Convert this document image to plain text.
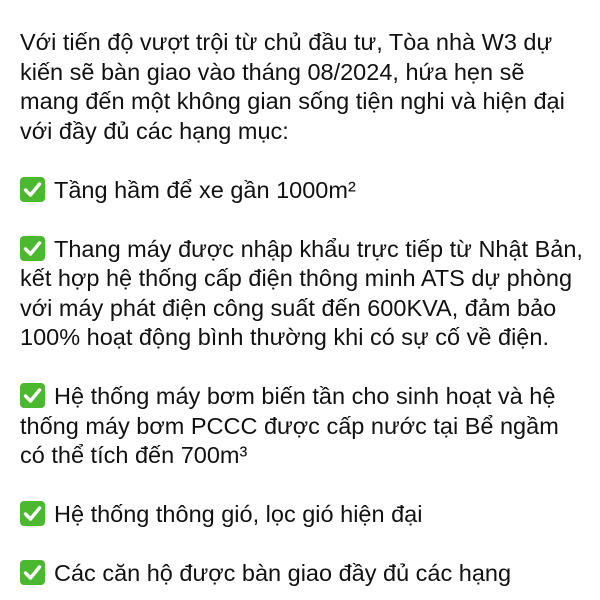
Với tiến độ vượt trội từ chủ đầu tư, Tòa nhà W3 dự kiến sẽ bàn giao vào tháng 08/2024, hứa hẹn sẽ mang đến một không gian sống tiện nghi và hiện đại với đầy đủ các hạng mục:

Tầng hầm để xe gần 1000m²
Thang máy được nhập khẩu trực tiếp từ Nhật Bản, kết hợp hệ thống cấp điện thông minh ATS dự phòng với máy phát điện công suất đến 600KVA, đảm bảo 100% hoạt động bình thường khi có sự cố về điện.
Hệ thống máy bơm biến tần cho sinh hoạt và hệ thống máy bơm PCCC được cấp nước tại Bể ngầm có thể tích đến 700m³
Hệ thống thông gió, lọc gió hiện đại
Các căn hộ được bàn giao đầy đủ các hạng
